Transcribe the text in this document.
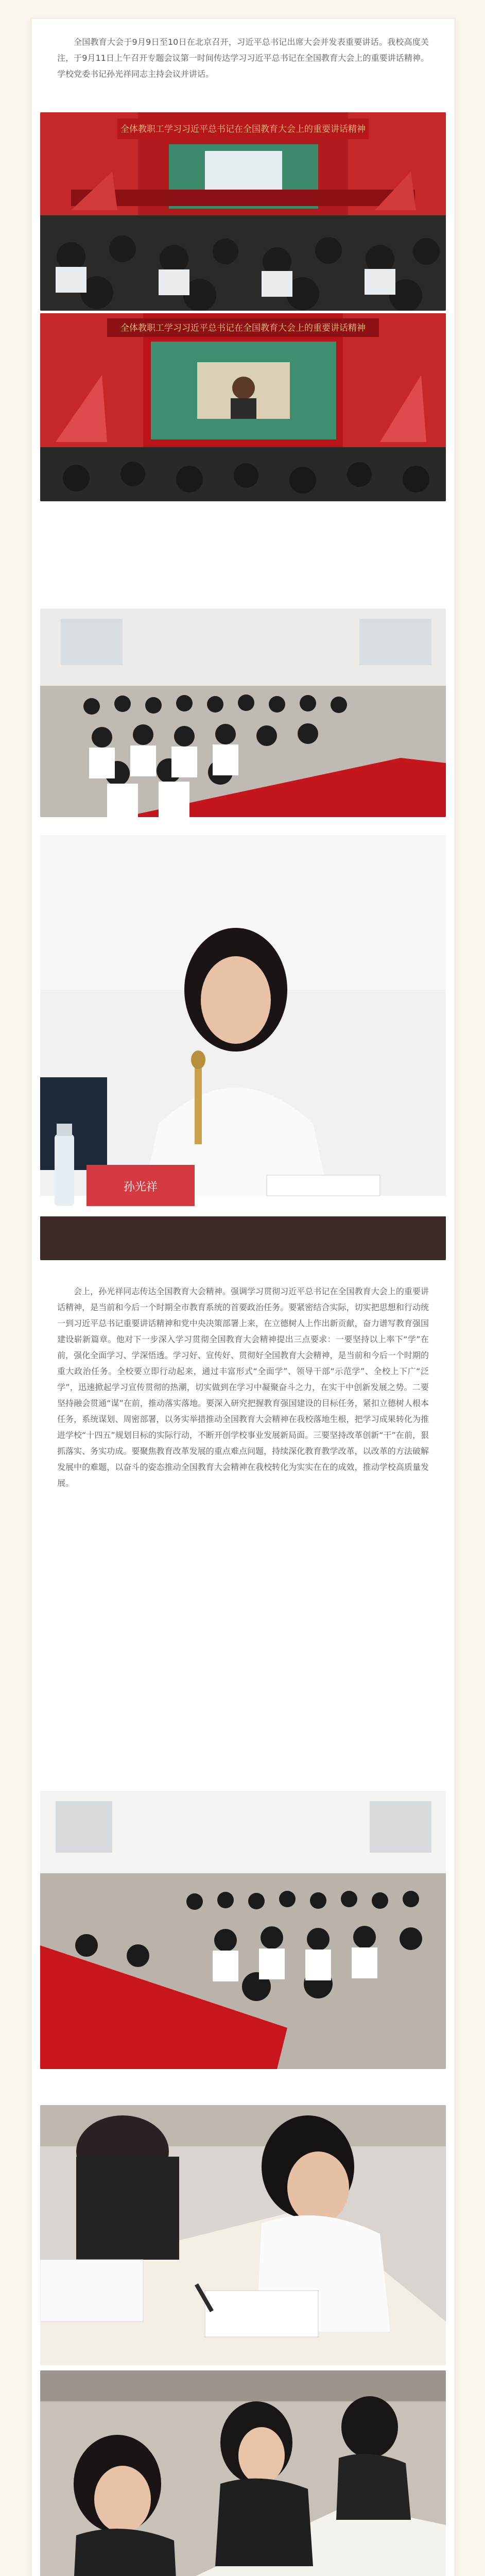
全国教育大会于9月9日至10日在北京召开，习近平总书记出席大会并发表重要讲话。我校高度关注，于9月11日上午召开专题会议第一时间传达学习习近平总书记在全国教育大会上的重要讲话精神。学校党委书记孙光祥同志主持会议并讲话。

全体教职工学习习近平总书记在全国教育大会上的重要讲话精神
全体教职工学习习近平总书记在全国教育大会上的重要讲话精神
孙光祥

会上，孙光祥同志传达全国教育大会精神。强调学习贯彻习近平总书记在全国教育大会上的重要讲话精神，是当前和今后一个时期全市教育系统的首要政治任务。要紧密结合实际，切实把思想和行动统一到习近平总书记重要讲话精神和党中央决策部署上来，在立德树人上作出新贡献，奋力谱写教育强国建设崭新篇章。他对下一步深入学习贯彻全国教育大会精神提出三点要求：一要坚持以上率下“学”在前，强化全面学习、学深悟透。学习好、宣传好、贯彻好全国教育大会精神，是当前和今后一个时期的重大政治任务。全校要立即行动起来，通过丰富形式“全面学”、领导干部“示范学”、全校上下广“泛学”，迅速掀起学习宣传贯彻的热潮，切实做到在学习中凝聚奋斗之力，在实干中创新发展之势。二要坚持融会贯通“谋”在前，推动落实落地。要深入研究把握教育强国建设的目标任务，紧扣立德树人根本任务，系统谋划、周密部署，以务实举措推动全国教育大会精神在我校落地生根，把学习成果转化为推进学校“十四五”规划目标的实际行动，不断开创学校事业发展新局面。三要坚持改革创新“干”在前，狠抓落实、务实功成。要聚焦教育改革发展的重点难点问题，持续深化教育教学改革，以改革的方法破解发展中的难题，以奋斗的姿态推动全国教育大会精神在我校转化为实实在在的成效，推动学校高质量发展。
